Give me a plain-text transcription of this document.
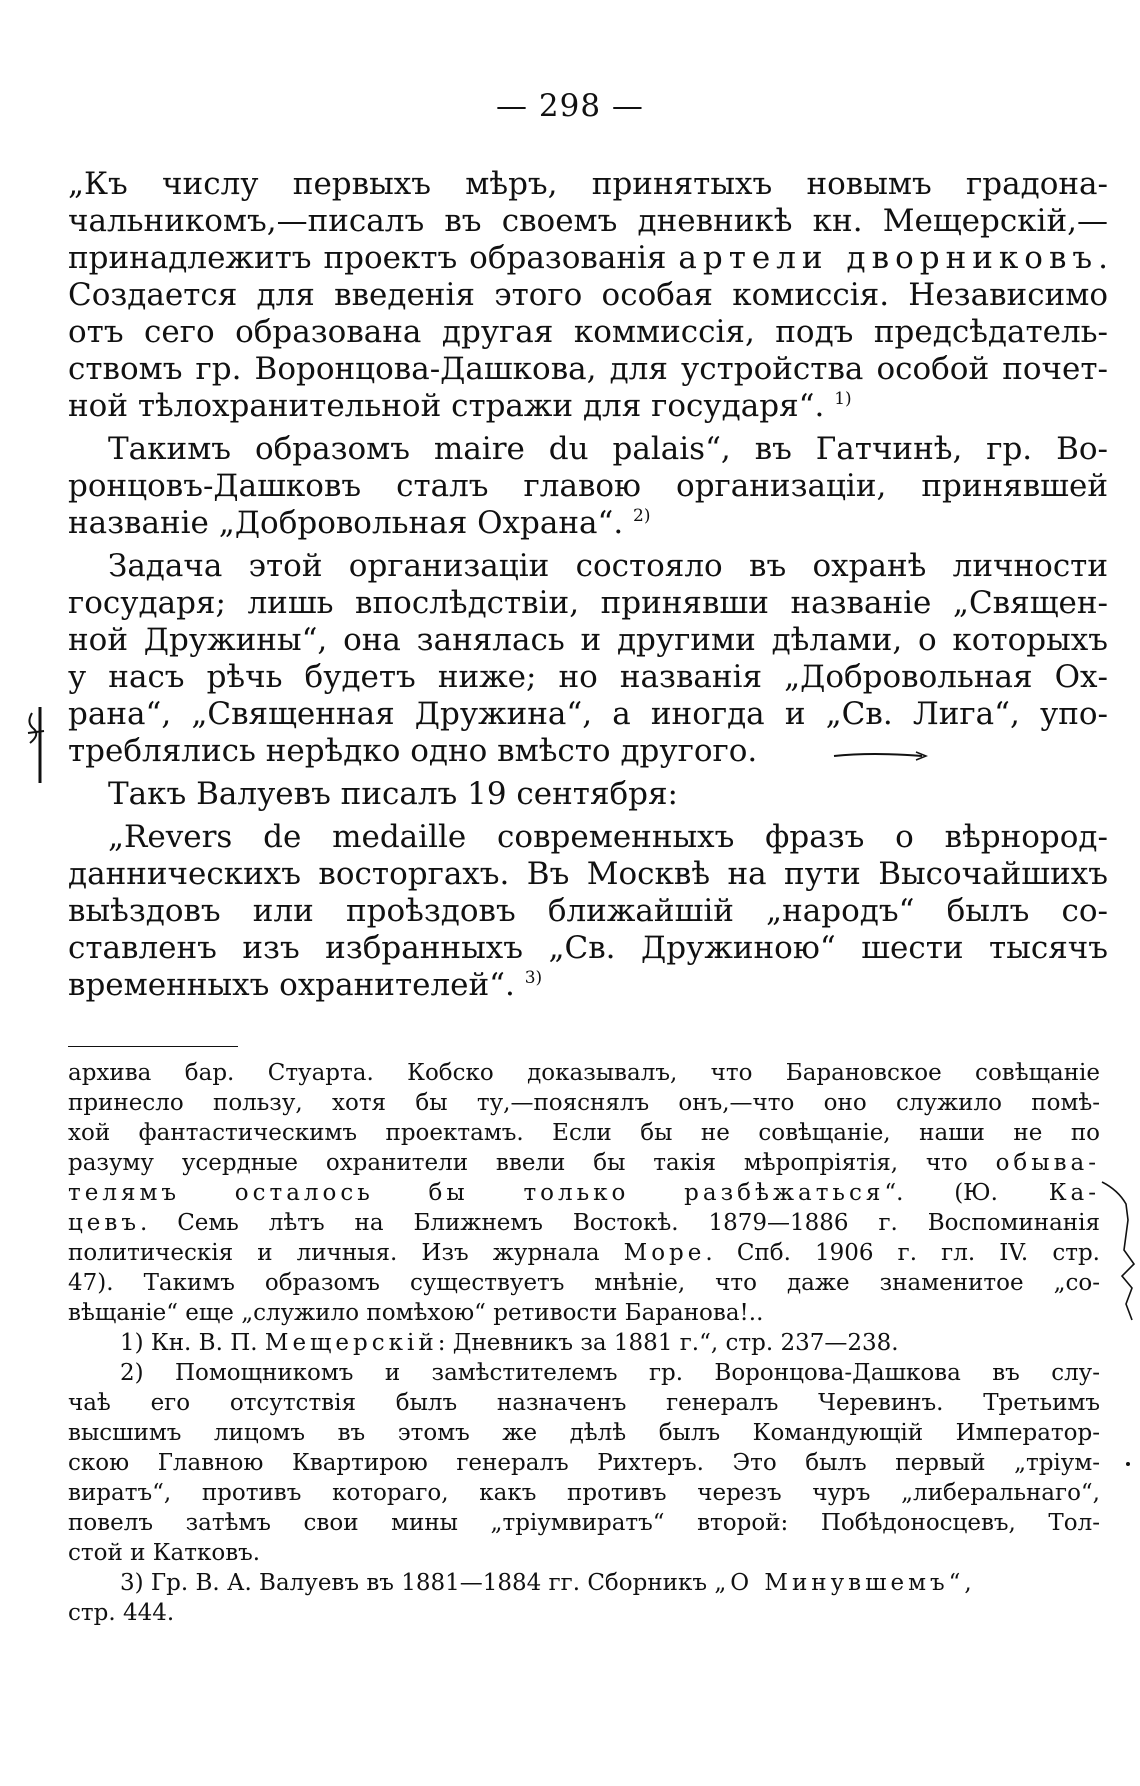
— 298 —
„Къ числу первыхъ мѣръ, принятыхъ новымъ градона-
чальникомъ,—писалъ въ своемъ дневникѣ кн. Мещерскій,—
принадлежитъ проектъ образованія артели дворниковъ.
Создается для введенія этого особая комиссія. Независимо
отъ сего образована другая коммиссія, подъ предсѣдатель-
ствомъ гр. Воронцова-Дашкова, для устройства особой почет-
ной тѣлохранительной стражи для государя“. $^{1)}$
Такимъ образомъ maire du palais“, въ Гатчинѣ, гр. Во-
ронцовъ-Дашковъ сталъ главою организаціи, принявшей
названіе „Добровольная Охрана“. $^{2)}$
Задача этой организаціи состояло въ охранѣ личности
государя; лишь впослѣдствіи, принявши названіе „Священ-
ной Дружины“, она занялась и другими дѣлами, о которыхъ
у насъ рѣчь будетъ ниже; но названія „Добровольная Ох-
рана“, „Священная Дружина“, а иногда и „Св. Лига“, упо-
треблялись нерѣдко одно вмѣсто другого.
Такъ Валуевъ писалъ 19 сентября:
„Revers de medaille современныхъ фразъ о вѣрноpод-
данническихъ восторгахъ. Въ Москвѣ на пути Высочайшихъ
выѣздовъ или проѣздовъ ближайшій „народъ“ былъ со-
ставленъ изъ избранныхъ „Св. Дружиною“ шести тысячъ
временныхъ охранителей“. $^{3)}$
архива бар. Стуарта. Кобско доказывалъ, что Барановское совѣщаніе
принесло пользу, хотя бы ту,—пояснялъ онъ,—что оно служило помѣ-
хой фантастическимъ проектамъ. Если бы не совѣщаніе, наши не по
разуму усердные охранители ввели бы такія мѣропріятія, что обыва-
телямъ осталось бы только разбѣжаться“. (Ю. Ка-
цевъ. Семь лѣтъ на Ближнемъ Востокѣ. 1879—1886 г. Воспоминанія
политическія и личныя. Изъ журнала Море. Спб. 1906 г. гл. IV. стр.
47). Такимъ образомъ существуетъ мнѣніе, что даже знаменитое „со-
вѣщаніе“ еще „служило помѣхою“ ретивости Баранова!..
1) Кн. В. П. Мещерскій: Дневникъ за 1881 г.“, стр. 237—238.
2) Помощникомъ и замѣстителемъ гр. Воронцова-Дашкова въ слу-
чаѣ его отсутствія былъ назначенъ генералъ Черевинъ. Третьимъ
высшимъ лицомъ въ этомъ же дѣлѣ былъ Командующій Император-
скою Главною Квартирою генералъ Рихтеръ. Это былъ первый „тріум-
виратъ“, противъ котораго, какъ противъ черезъ чуръ „либеральнаго“,
повелъ затѣмъ свои мины „тріумвиратъ“ второй: Побѣдоносцевъ, Тол-
стой и Катковъ.
3) Гр. В. А. Валуевъ въ 1881—1884 гг. Сборникъ „О Минувшемъ“,
стр. 444.
